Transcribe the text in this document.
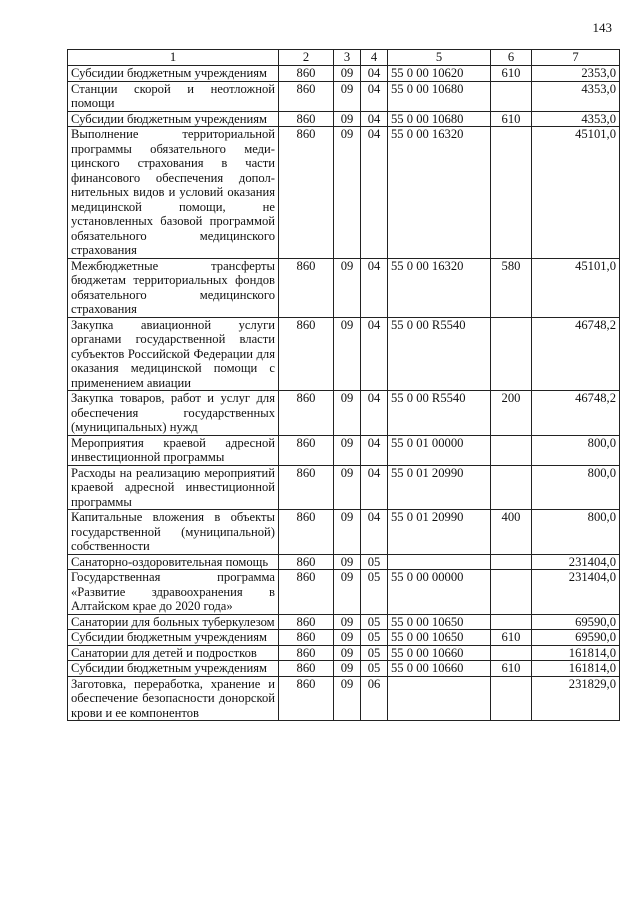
143
1	2	3	4	5	6	7
Субсидии бюджетным учреждениям	860	09	04	55 0 00 10620	610	2353,0
Станции скорой и неотложной помощи	860	09	04	55 0 00 10680		4353,0
Субсидии бюджетным учреждениям	860	09	04	55 0 00 10680	610	4353,0
Выполнение территориальной программы обязательного медицинского страхования в части финансового обеспечения дополнительных видов и условий оказания медицинской помощи, не установленных базовой программой обязательного медицинского страхования	860	09	04	55 0 00 16320		45101,0
Межбюджетные трансферты бюджетам территориальных фондов обязательного медицинского страхования	860	09	04	55 0 00 16320	580	45101,0
Закупка авиационной услуги органами государственной власти субъектов Российской Федерации для оказания медицинской помощи с применением авиации	860	09	04	55 0 00 R5540		46748,2
Закупка товаров, работ и услуг для обеспечения государственных (муниципальных) нужд	860	09	04	55 0 00 R5540	200	46748,2
Мероприятия краевой адресной инвестиционной программы	860	09	04	55 0 01 00000		800,0
Расходы на реализацию мероприятий краевой адресной инвестиционной программы	860	09	04	55 0 01 20990		800,0
Капитальные вложения в объекты государственной (муниципальной) собственности	860	09	04	55 0 01 20990	400	800,0
Санаторно-оздоровительная помощь	860	09	05			231404,0
Государственная программа «Развитие здравоохранения в Алтайском крае до 2020 года»	860	09	05	55 0 00 00000		231404,0
Санатории для больных туберкулезом	860	09	05	55 0 00 10650		69590,0
Субсидии бюджетным учреждениям	860	09	05	55 0 00 10650	610	69590,0
Санатории для детей и подростков	860	09	05	55 0 00 10660		161814,0
Субсидии бюджетным учреждениям	860	09	05	55 0 00 10660	610	161814,0
Заготовка, переработка, хранение и обеспечение безопасности донорской крови и ее компонентов	860	09	06			231829,0
